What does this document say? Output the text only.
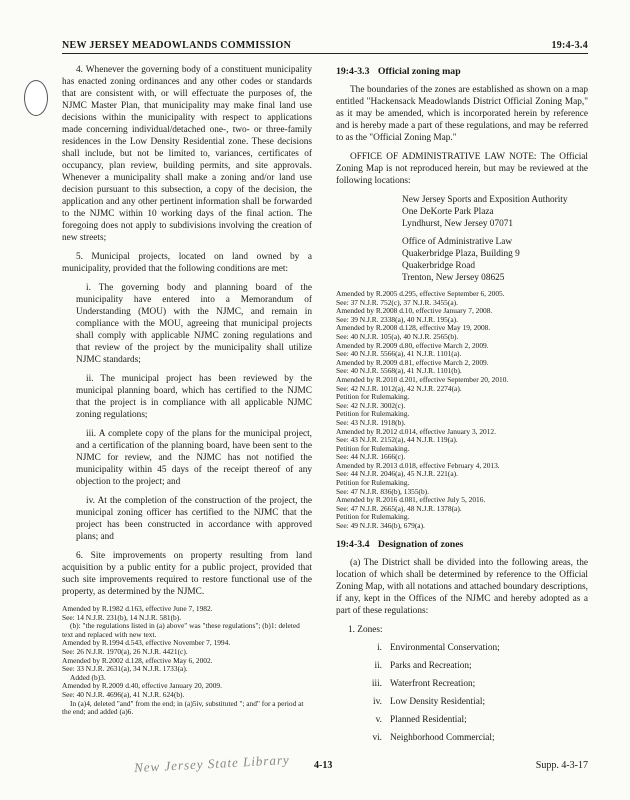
NEW JERSEY MEADOWLANDS COMMISSION	19:4-3.4

4. Whenever the governing body of a constituent municipality has enacted zoning ordinances and any other codes or standards that are consistent with, or will effectuate the purposes of, the NJMC Master Plan, that municipality may make final land use decisions within the municipality with respect to applications made concerning individual/detached one-, two- or three-family residences in the Low Density Residential zone. These decisions shall include, but not be limited to, variances, certificates of occupancy, plan review, building permits, and site approvals. Whenever a municipality shall make a zoning and/or land use decision pursuant to this subsection, a copy of the decision, the application and any other pertinent information shall be forwarded to the NJMC within 10 working days of the final action. The foregoing does not apply to subdivisions involving the creation of new streets;

5. Municipal projects, located on land owned by a municipality, provided that the following conditions are met:

i. The governing body and planning board of the municipality have entered into a Memorandum of Understanding (MOU) with the NJMC, and remain in compliance with the MOU, agreeing that municipal projects shall comply with applicable NJMC zoning regulations and that review of the project by the municipality shall utilize NJMC standards;

ii. The municipal project has been reviewed by the municipal planning board, which has certified to the NJMC that the project is in compliance with all applicable NJMC zoning regulations;

iii. A complete copy of the plans for the municipal project, and a certification of the planning board, have been sent to the NJMC for review, and the NJMC has not notified the municipality within 45 days of the receipt thereof of any objection to the project; and

iv. At the completion of the construction of the project, the municipal zoning officer has certified to the NJMC that the project has been constructed in accordance with approved plans; and

6. Site improvements on property resulting from land acquisition by a public entity for a public project, provided that such site improvements required to restore functional use of the property, as determined by the NJMC.

Amended by R.1982 d.163, effective June 7, 1982.
See: 14 N.J.R. 231(b), 14 N.J.R. 581(b).
(b): "the regulations listed in (a) above" was "these regulations"; (b)1: deleted text and replaced with new text.
Amended by R.1994 d.543, effective November 7, 1994.
See: 26 N.J.R. 1970(a), 26 N.J.R. 4421(c).
Amended by R.2002 d.128, effective May 6, 2002.
See: 33 N.J.R. 2631(a), 34 N.J.R. 1733(a).
Added (b)3.
Amended by R.2009 d.40, effective January 20, 2009.
See: 40 N.J.R. 4696(a), 41 N.J.R. 624(b).
In (a)4, deleted "and" from the end; in (a)5iv, substituted "; and" for a period at the end; and added (a)6.
19:4-3.3 Official zoning map

The boundaries of the zones are established as shown on a map entitled "Hackensack Meadowlands District Official Zoning Map," as it may be amended, which is incorporated herein by reference and is hereby made a part of these regulations, and may be referred to as the "Official Zoning Map."

OFFICE OF ADMINISTRATIVE LAW NOTE: The Official Zoning Map is not reproduced herein, but may be reviewed at the following locations:

New Jersey Sports and Exposition Authority
One DeKorte Park Plaza
Lyndhurst, New Jersey 07071
Office of Administrative Law
Quakerbridge Plaza, Building 9
Quakerbridge Road
Trenton, New Jersey 08625
Amended by R.2005 d.295, effective September 6, 2005.
See: 37 N.J.R. 752(c), 37 N.J.R. 3455(a).
Amended by R.2008 d.10, effective January 7, 2008.
See: 39 N.J.R. 2338(a), 40 N.J.R. 195(a).
Amended by R.2008 d.128, effective May 19, 2008.
See: 40 N.J.R. 105(a), 40 N.J.R. 2565(b).
Amended by R.2009 d.80, effective March 2, 2009.
See: 40 N.J.R. 5566(a), 41 N.J.R. 1101(a).
Amended by R.2009 d.81, effective March 2, 2009.
See: 40 N.J.R. 5568(a), 41 N.J.R. 1101(b).
Amended by R.2010 d.201, effective September 20, 2010.
See: 42 N.J.R. 1012(a), 42 N.J.R. 2274(a).
Petition for Rulemaking.
See: 42 N.J.R. 3002(c).
Petition for Rulemaking.
See: 43 N.J.R. 1918(b).
Amended by R.2012 d.014, effective January 3, 2012.
See: 43 N.J.R. 2152(a), 44 N.J.R. 119(a).
Petition for Rulemaking.
See: 44 N.J.R. 1666(c).
Amended by R.2013 d.018, effective February 4, 2013.
See: 44 N.J.R. 2046(a), 45 N.J.R. 221(a).
Petition for Rulemaking.
See: 47 N.J.R. 836(b), 1355(b).
Amended by R.2016 d.081, effective July 5, 2016.
See: 47 N.J.R. 2665(a), 48 N.J.R. 1378(a).
Petition for Rulemaking.
See: 49 N.J.R. 346(b), 679(a).
19:4-3.4 Designation of zones

(a) The District shall be divided into the following areas, the location of which shall be determined by reference to the Official Zoning Map, with all notations and attached boundary descriptions, if any, kept in the Offices of the NJMC and hereby adopted as a part of these regulations:

1. Zones:
i. Environmental Conservation;
ii. Parks and Recreation;
iii. Waterfront Recreation;
iv. Low Density Residential;
v. Planned Residential;
vi. Neighborhood Commercial;
New Jersey State Library 4-13	Supp. 4-3-17
